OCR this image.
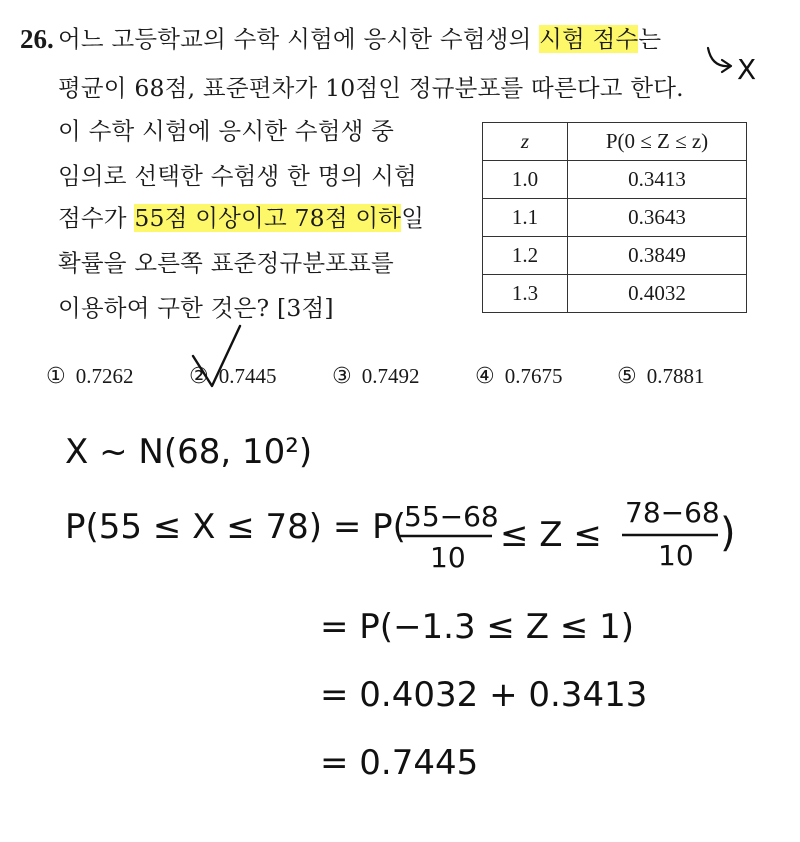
26. 어느 고등학교의 수학 시험에 응시한 수험생의 시험 점수는
평균이 68점, 표준편차가 10점인 정규분포를 따른다고 한다.
이 수학 시험에 응시한 수험생 중
임의로 선택한 수험생 한 명의 시험
점수가 55점 이상이고 78점 이하일
확률을 오른쪽 표준정규분포표를
이용하여 구한 것은? [3점]
z	P(0 ≤ Z ≤ z)
1.0	0.3413
1.1	0.3643
1.2	0.3849
1.3	0.4032
① 0.7262	② 0.7445	③ 0.7492	④ 0.7675 ⑤ 0.7881
X
X ~ N(68, 10²)
P(55 ≤ X ≤ 78) = P(
55−68
10
≤ Z ≤
78−68
10 )
= P(−1.3 ≤ Z ≤ 1)
= 0.4032 + 0.3413
= 0.7445
